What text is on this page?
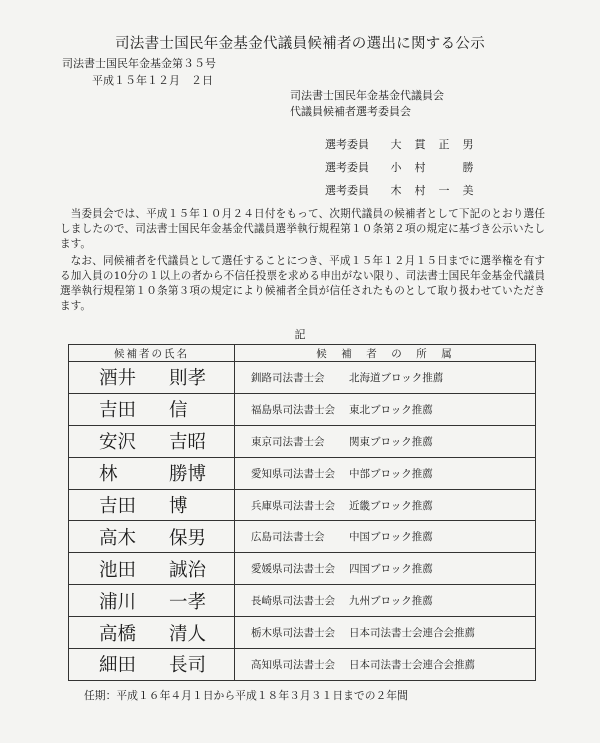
司法書士国民年金基金代議員候補者の選出に関する公示
司法書士国民年金基金第３５号
平成１５年１２月　２日
司法書士国民年金基金代議員会
代議員候補者選考委員会
選考委員 大　貫　正　男
選考委員 小　村　　　勝
選考委員 木　村　一　美
当委員会では、平成１５年１０月２４日付をもって、次期代議員の候補者として下記のとおり選任しましたので、司法書士国民年金基金代議員選挙執行規程第１０条第２項の規定に基づき公示いたします。
なお、同候補者を代議員として選任することにつき、平成１５年１２月１５日までに選挙権を有する加入員の10分の１以上の者から不信任投票を求める申出がない限り、司法書士国民年金基金代議員選挙執行規程第１０条第３項の規定により候補者全員が信任されたものとして取り扱わせていただきます。
記
候補者の氏名	候　補　者　の　所　属

酒井 則孝	釧路司法書士会 北海道ブロック推薦

吉田 信	福島県司法書士会 東北ブロック推薦

安沢 吉昭	東京司法書士会 関東ブロック推薦

林 勝博	愛知県司法書士会 中部ブロック推薦

吉田 博	兵庫県司法書士会 近畿ブロック推薦

高木 保男	広島司法書士会 中国ブロック推薦

池田 誠治	愛媛県司法書士会 四国ブロック推薦

浦川 一孝	長崎県司法書士会 九州ブロック推薦

高橋 清人	栃木県司法書士会 日本司法書士会連合会推薦

細田 長司	高知県司法書士会 日本司法書士会連合会推薦
任期：平成１６年４月１日から平成１８年３月３１日までの２年間
